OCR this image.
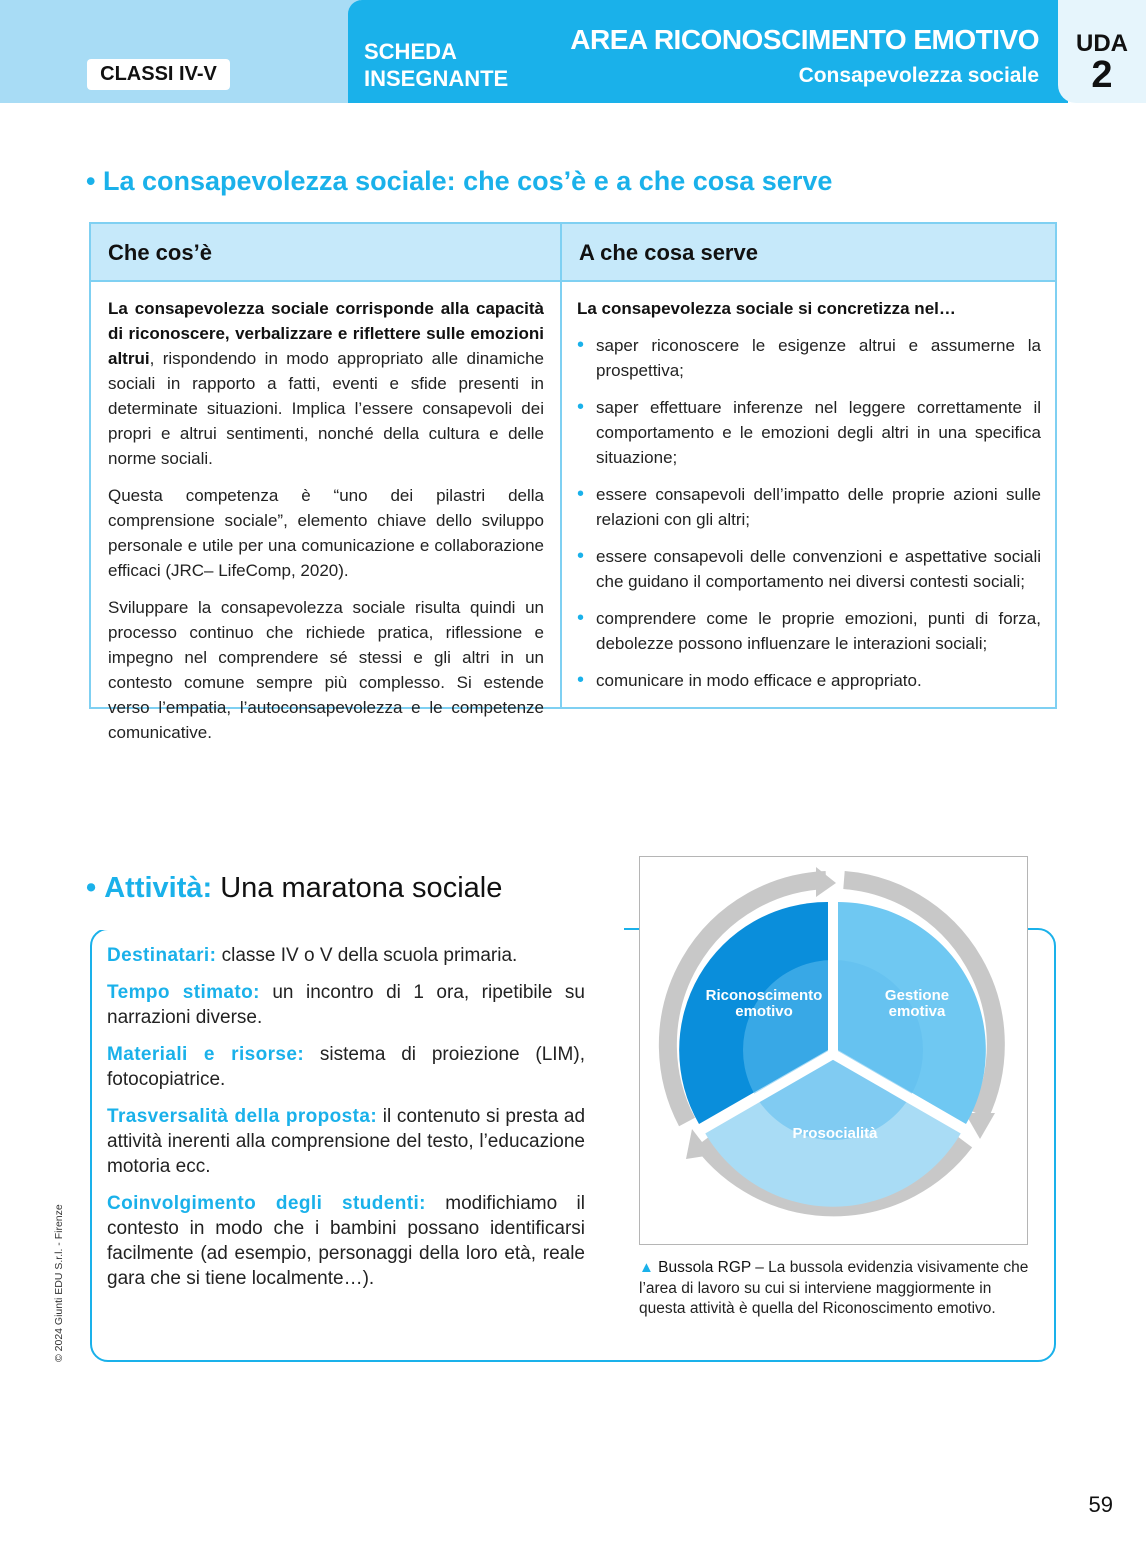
CLASSI IV-V
SCHEDA
INSEGNANTE
AREA RICONOSCIMENTO EMOTIVO
Consapevolezza sociale
UDA
2
• La consapevolezza sociale: che cos’è e a che cosa serve
Che cos’è	A che cosa serve

La consapevolezza sociale corrisponde alla capacità di riconoscere, verbalizzare e riflettere sulle emozioni altrui, rispondendo in modo appropriato alle dinamiche sociali in rapporto a fatti, eventi e sfide presenti in determinate situazioni. Implica l’essere consapevoli dei propri e altrui sentimenti, nonché della cultura e delle norme sociali.

Questa competenza è “uno dei pilastri della comprensione sociale”, elemento chiave dello sviluppo personale e utile per una comunicazione e collaborazione efficaci (JRC– LifeComp, 2020).

Sviluppare la consapevolezza sociale risulta quindi un processo continuo che richiede pratica, riflessione e impegno nel comprendere sé stessi e gli altri in un contesto comune sempre più complesso. Si estende verso l’empatia, l’autoconsapevolezza e le competenze comunicative.

La consapevolezza sociale si concretizza nel…
• saper riconoscere le esigenze altrui e assumerne la prospettiva;
• saper effettuare inferenze nel leggere correttamente il comportamento e le emozioni degli altri in una specifica situazione;
• essere consapevoli dell’impatto delle proprie azioni sulle relazioni con gli altri;
• essere consapevoli delle convenzioni e aspettative sociali che guidano il comportamento nei diversi contesti sociali;
• comprendere come le proprie emozioni, punti di forza, debolezze possono influenzare le interazioni sociali;
• comunicare in modo efficace e appropriato.
• Attività: Una maratona sociale

Destinatari: classe IV o V della scuola primaria.

Tempo stimato: un incontro di 1 ora, ripetibile su narrazioni diverse.

Materiali e risorse: sistema di proiezione (LIM), fotocopiatrice.

Trasversalità della proposta: il contenuto si presta ad attività inerenti alla comprensione del testo, l’educazione motoria ecc.

Coinvolgimento degli studenti: modifichiamo il contesto in modo che i bambini possano identificarsi facilmente (ad esempio, personaggi della loro età, reale gara che si tiene localmente…).

Riconoscimento
emotivo
Gestione
emotiva
Prosocialità
▲ Bussola RGP – La bussola evidenzia visivamente che l’area di lavoro su cui si interviene maggiormente in questa attività è quella del Riconoscimento emotivo.
© 2024 Giunti EDU S.r.l. - Firenze
59
